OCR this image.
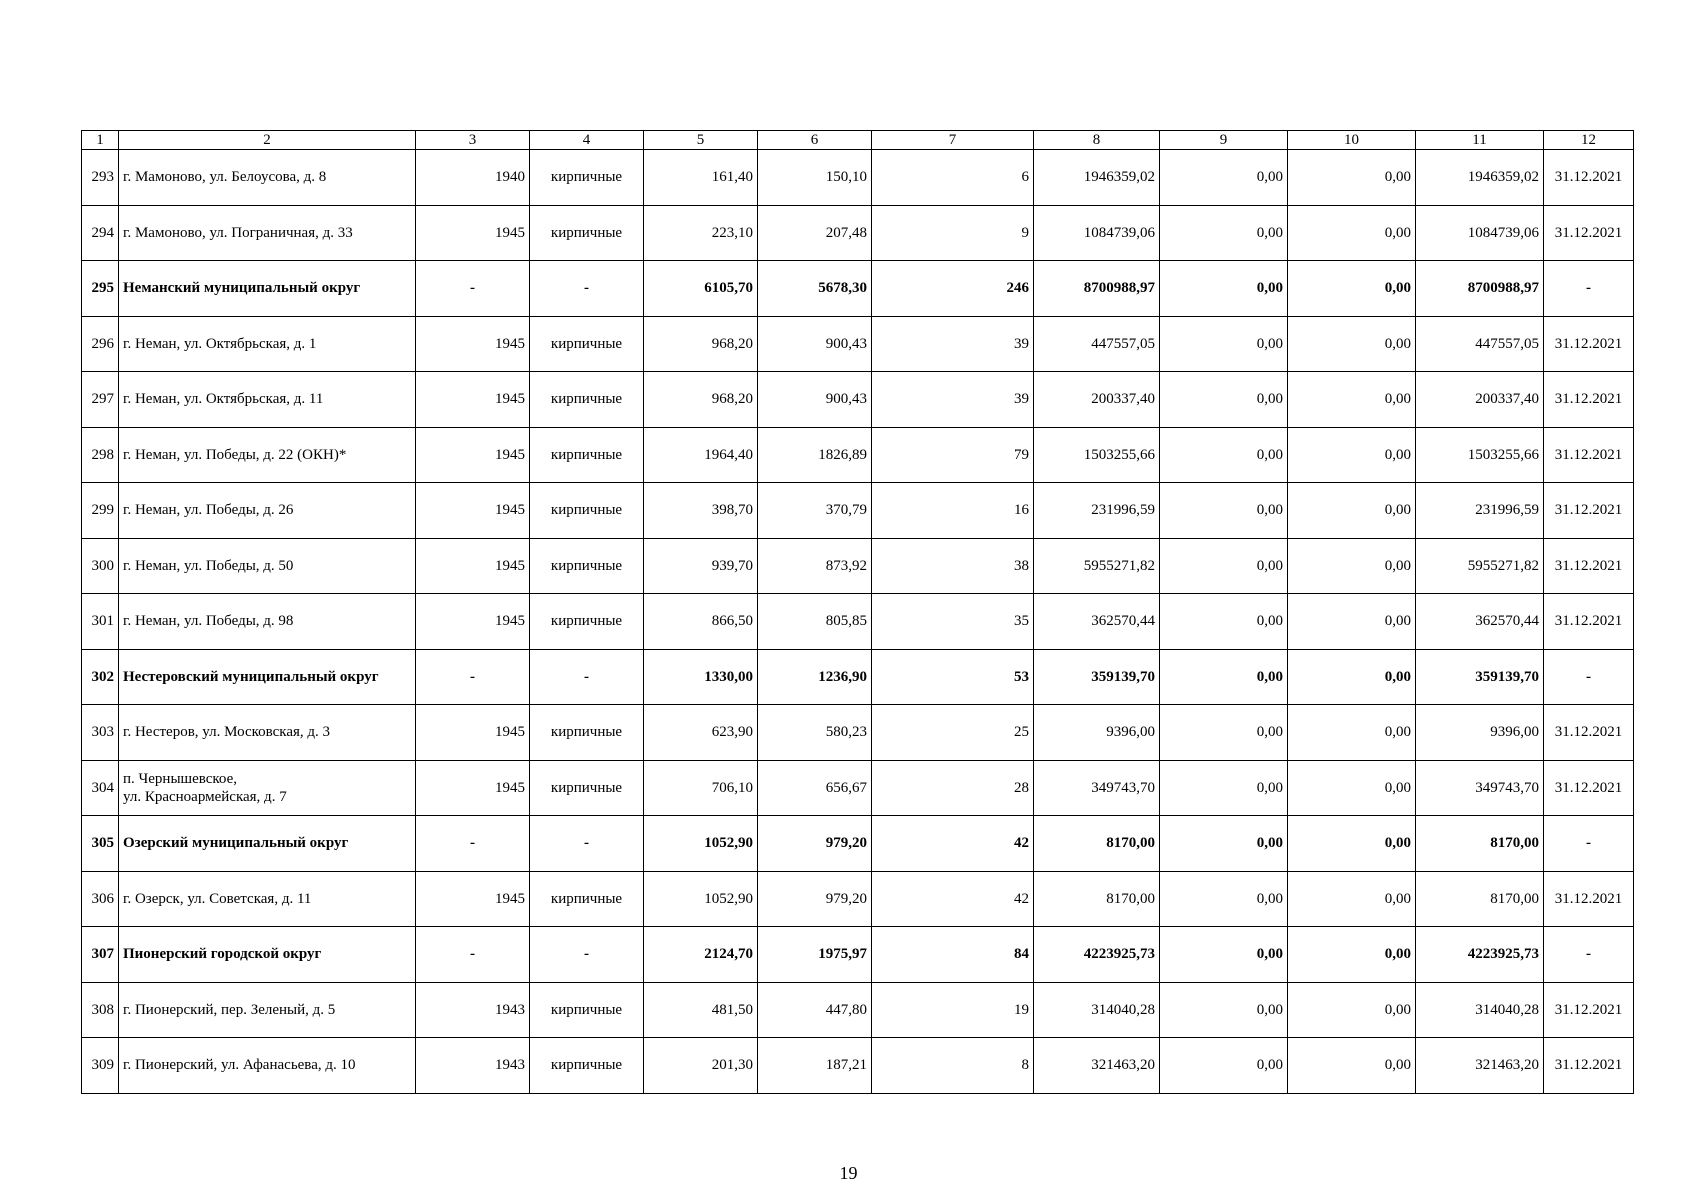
1	2	3	4	5	6	7	8	9	10	11	12
293	г. Мамоново, ул. Белоусова, д. 8	1940	кирпичные	161,40	150,10	6	1946359,02	0,00	0,00	1946359,02	31.12.2021
294	г. Мамоново, ул. Пограничная, д. 33	1945	кирпичные	223,10	207,48	9	1084739,06	0,00	0,00	1084739,06	31.12.2021
295	Неманский муниципальный округ	-	-	6105,70	5678,30	246	8700988,97	0,00	0,00	8700988,97	-
296	г. Неман, ул. Октябрьская, д. 1	1945	кирпичные	968,20	900,43	39	447557,05	0,00	0,00	447557,05	31.12.2021
297	г. Неман, ул. Октябрьская, д. 11	1945	кирпичные	968,20	900,43	39	200337,40	0,00	0,00	200337,40	31.12.2021
298	г. Неман, ул. Победы, д. 22 (ОКН)*	1945	кирпичные	1964,40	1826,89	79	1503255,66	0,00	0,00	1503255,66	31.12.2021
299	г. Неман, ул. Победы, д. 26	1945	кирпичные	398,70	370,79	16	231996,59	0,00	0,00	231996,59	31.12.2021
300	г. Неман, ул. Победы, д. 50	1945	кирпичные	939,70	873,92	38	5955271,82	0,00	0,00	5955271,82	31.12.2021
301	г. Неман, ул. Победы, д. 98	1945	кирпичные	866,50	805,85	35	362570,44	0,00	0,00	362570,44	31.12.2021
302	Нестеровский муниципальный округ	-	-	1330,00	1236,90	53	359139,70	0,00	0,00	359139,70	-
303	г. Нестеров, ул. Московская, д. 3	1945	кирпичные	623,90	580,23	25	9396,00	0,00	0,00	9396,00	31.12.2021
304	п. Чернышевское,
ул. Красноармейская, д. 7	1945	кирпичные	706,10	656,67	28	349743,70	0,00	0,00	349743,70	31.12.2021
305	Озерский муниципальный округ	-	-	1052,90	979,20	42	8170,00	0,00	0,00	8170,00	-
306	г. Озерск, ул. Советская, д. 11	1945	кирпичные	1052,90	979,20	42	8170,00	0,00	0,00	8170,00	31.12.2021
307	Пионерский городской округ	-	-	2124,70	1975,97	84	4223925,73	0,00	0,00	4223925,73	-
308	г. Пионерский, пер. Зеленый, д. 5	1943	кирпичные	481,50	447,80	19	314040,28	0,00	0,00	314040,28	31.12.2021
309	г. Пионерский, ул. Афанасьева, д. 10	1943	кирпичные	201,30	187,21	8	321463,20	0,00	0,00	321463,20	31.12.2021
19
